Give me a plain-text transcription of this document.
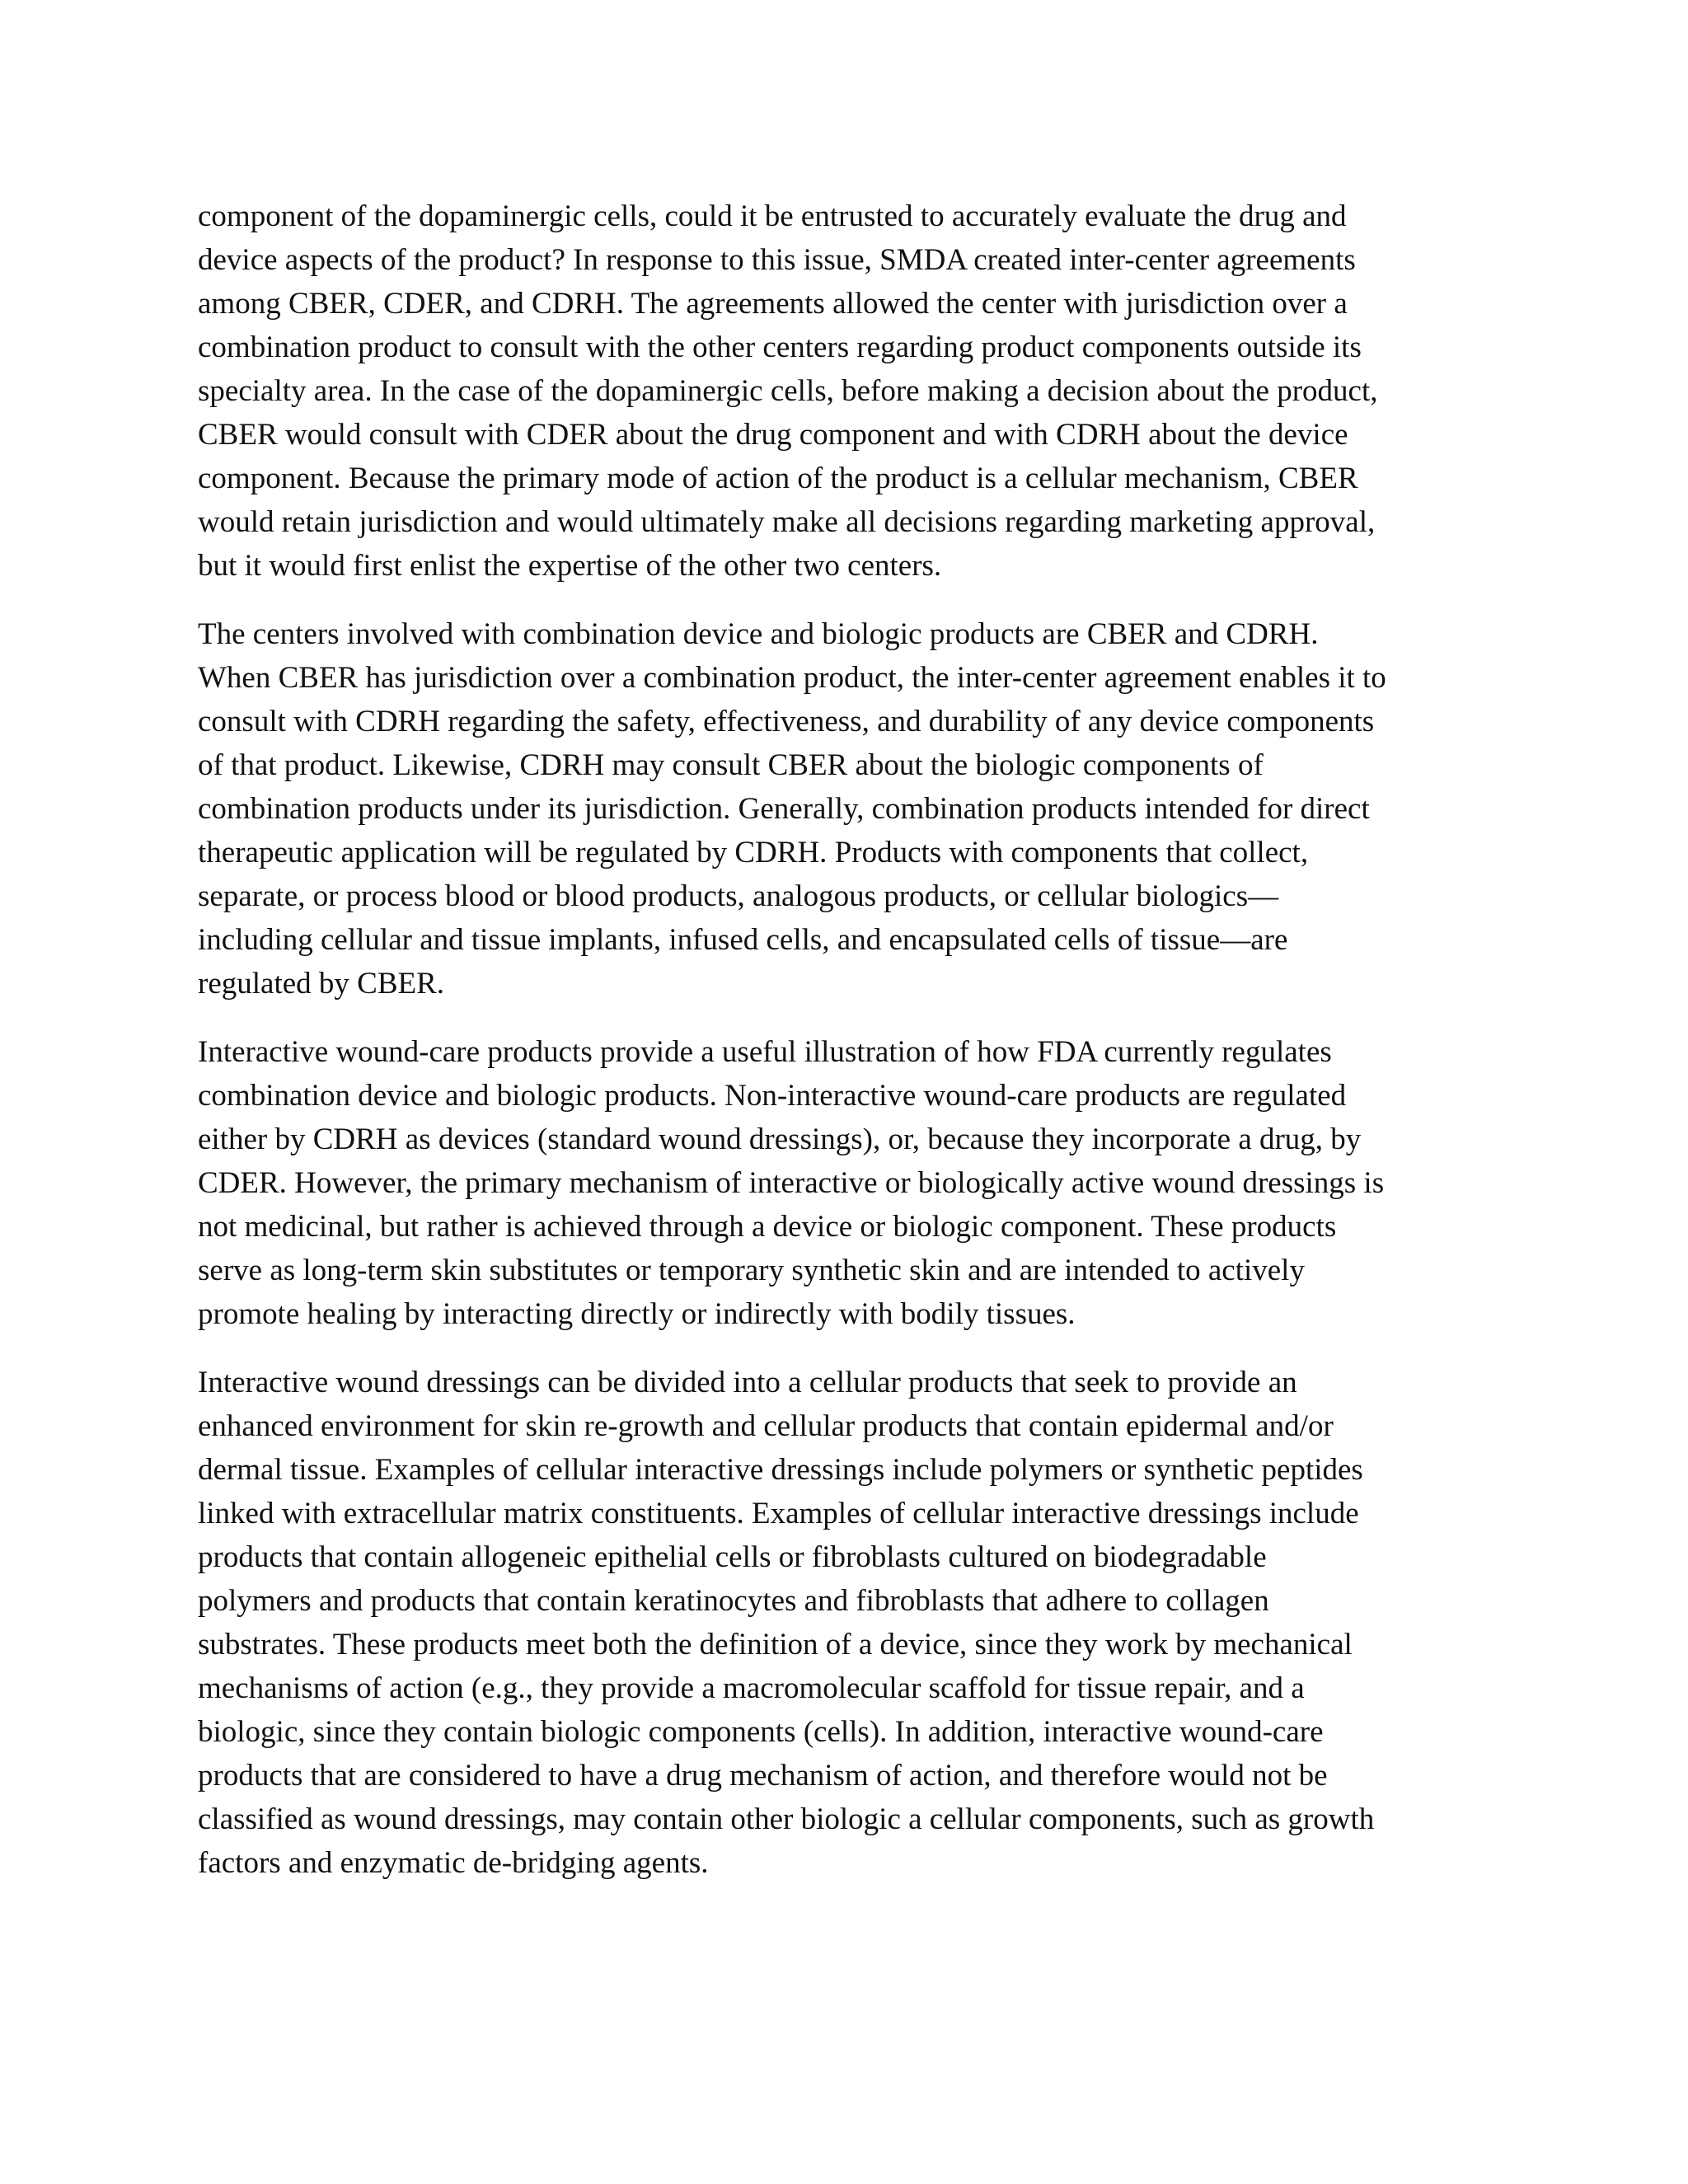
component of the dopaminergic cells, could it be entrusted to accurately evaluate the drug and
device aspects of the product? In response to this issue, SMDA created inter-center agreements
among CBER, CDER, and CDRH. The agreements allowed the center with jurisdiction over a
combination product to consult with the other centers regarding product components outside its
specialty area. In the case of the dopaminergic cells, before making a decision about the product,
CBER would consult with CDER about the drug component and with CDRH about the device
component. Because the primary mode of action of the product is a cellular mechanism, CBER
would retain jurisdiction and would ultimately make all decisions regarding marketing approval,
but it would first enlist the expertise of the other two centers.

The centers involved with combination device and biologic products are CBER and CDRH.
When CBER has jurisdiction over a combination product, the inter-center agreement enables it to
consult with CDRH regarding the safety, effectiveness, and durability of any device components
of that product. Likewise, CDRH may consult CBER about the biologic components of
combination products under its jurisdiction. Generally, combination products intended for direct
therapeutic application will be regulated by CDRH. Products with components that collect,
separate, or process blood or blood products, analogous products, or cellular biologics—
including cellular and tissue implants, infused cells, and encapsulated cells of tissue—are
regulated by CBER.

Interactive wound-care products provide a useful illustration of how FDA currently regulates
combination device and biologic products. Non-interactive wound-care products are regulated
either by CDRH as devices (standard wound dressings), or, because they incorporate a drug, by
CDER. However, the primary mechanism of interactive or biologically active wound dressings is
not medicinal, but rather is achieved through a device or biologic component. These products
serve as long-term skin substitutes or temporary synthetic skin and are intended to actively
promote healing by interacting directly or indirectly with bodily tissues.

Interactive wound dressings can be divided into a cellular products that seek to provide an
enhanced environment for skin re-growth and cellular products that contain epidermal and/or
dermal tissue. Examples of cellular interactive dressings include polymers or synthetic peptides
linked with extracellular matrix constituents. Examples of cellular interactive dressings include
products that contain allogeneic epithelial cells or fibroblasts cultured on biodegradable
polymers and products that contain keratinocytes and fibroblasts that adhere to collagen
substrates. These products meet both the definition of a device, since they work by mechanical
mechanisms of action (e.g., they provide a macromolecular scaffold for tissue repair, and a
biologic, since they contain biologic components (cells). In addition, interactive wound-care
products that are considered to have a drug mechanism of action, and therefore would not be
classified as wound dressings, may contain other biologic a cellular components, such as growth
factors and enzymatic de-bridging agents.
